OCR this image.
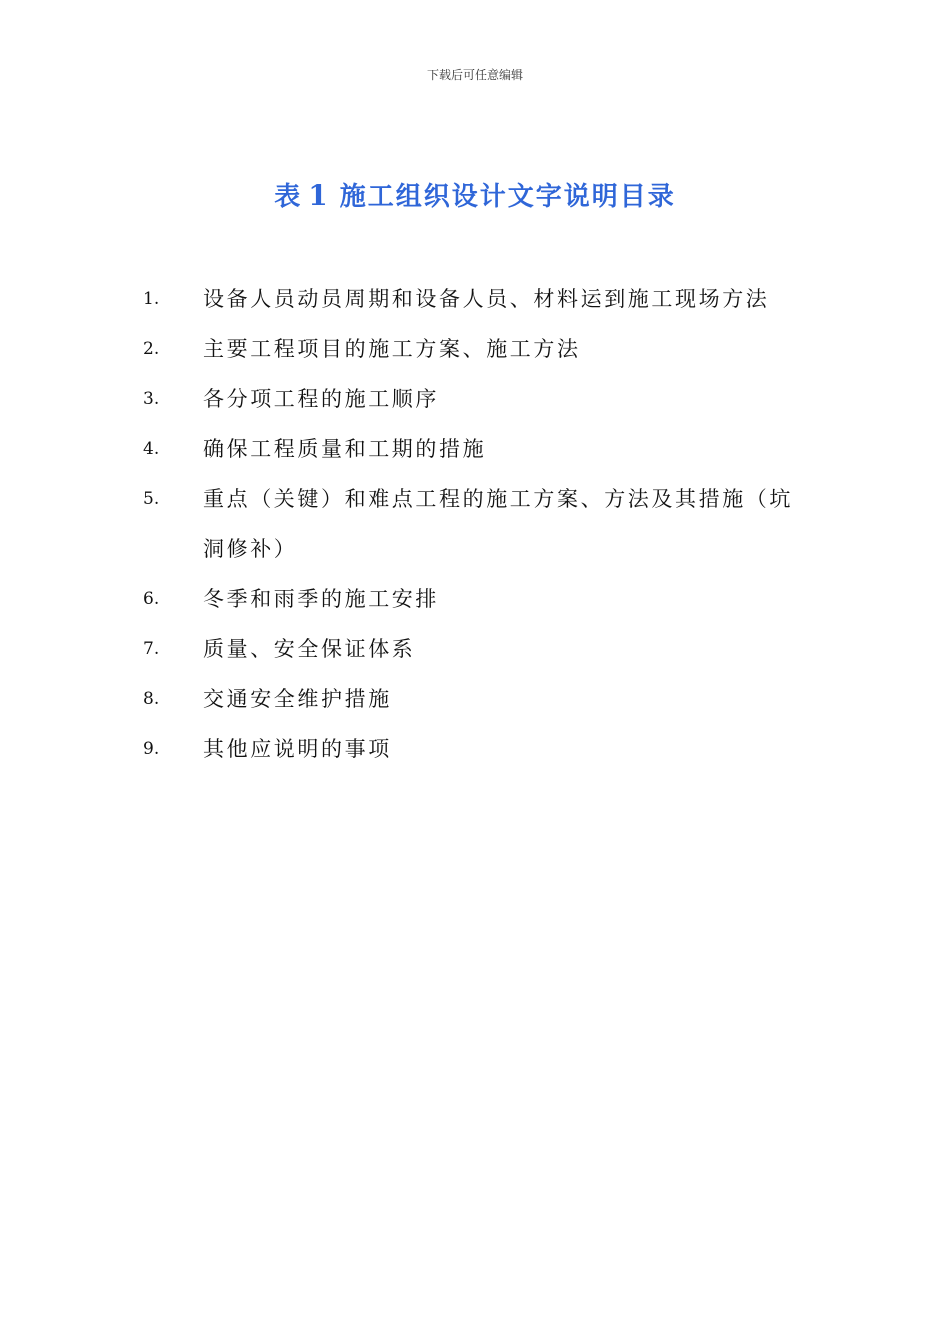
下载后可任意编辑
表 1 施工组织设计文字说明目录
1. 设备人员动员周期和设备人员、材料运到施工现场方法
2. 主要工程项目的施工方案、施工方法
3. 各分项工程的施工顺序
4. 确保工程质量和工期的措施
5. 重点（关键）和难点工程的施工方案、方法及其措施（坑洞修补）
6. 冬季和雨季的施工安排
7. 质量、安全保证体系
8. 交通安全维护措施
9. 其他应说明的事项
